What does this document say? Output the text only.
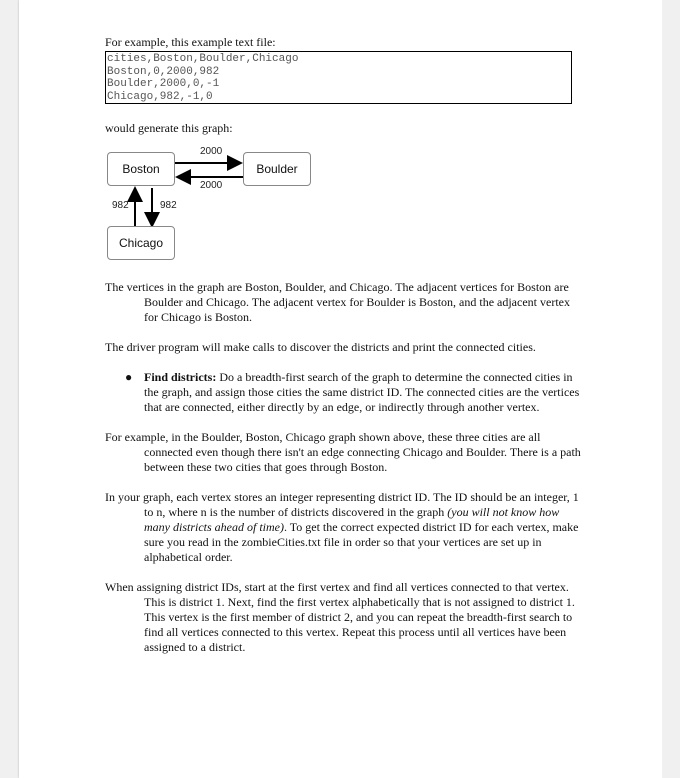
For example, this example text file:

cities,Boston,Boulder,Chicago
Boston,0,2000,982
Boulder,2000,0,-1
Chicago,982,-1,0

would generate this graph:

Boston	Boulder
Chicago
2000
2000
982	982

The vertices in the graph are Boston, Boulder, and Chicago. The adjacent vertices for Boston are Boulder and Chicago. The adjacent vertex for Boulder is Boston, and the adjacent vertex for Chicago is Boston.

The driver program will make calls to discover the districts and print the connected cities.

● Find districts: Do a breadth-first search of the graph to determine the connected cities in the graph, and assign those cities the same district ID. The connected cities are the vertices that are connected, either directly by an edge, or indirectly through another vertex.

For example, in the Boulder, Boston, Chicago graph shown above, these three cities are all connected even though there isn't an edge connecting Chicago and Boulder. There is a path between these two cities that goes through Boston.

In your graph, each vertex stores an integer representing district ID. The ID should be an integer, 1 to n, where n is the number of districts discovered in the graph (you will not know how many districts ahead of time). To get the correct expected district ID for each vertex, make sure you read in the zombieCities.txt file in order so that your vertices are set up in alphabetical order.

When assigning district IDs, start at the first vertex and find all vertices connected to that vertex. This is district 1. Next, find the first vertex alphabetically that is not assigned to district 1. This vertex is the first member of district 2, and you can repeat the breadth-first search to find all vertices connected to this vertex. Repeat this process until all vertices have been assigned to a district.
